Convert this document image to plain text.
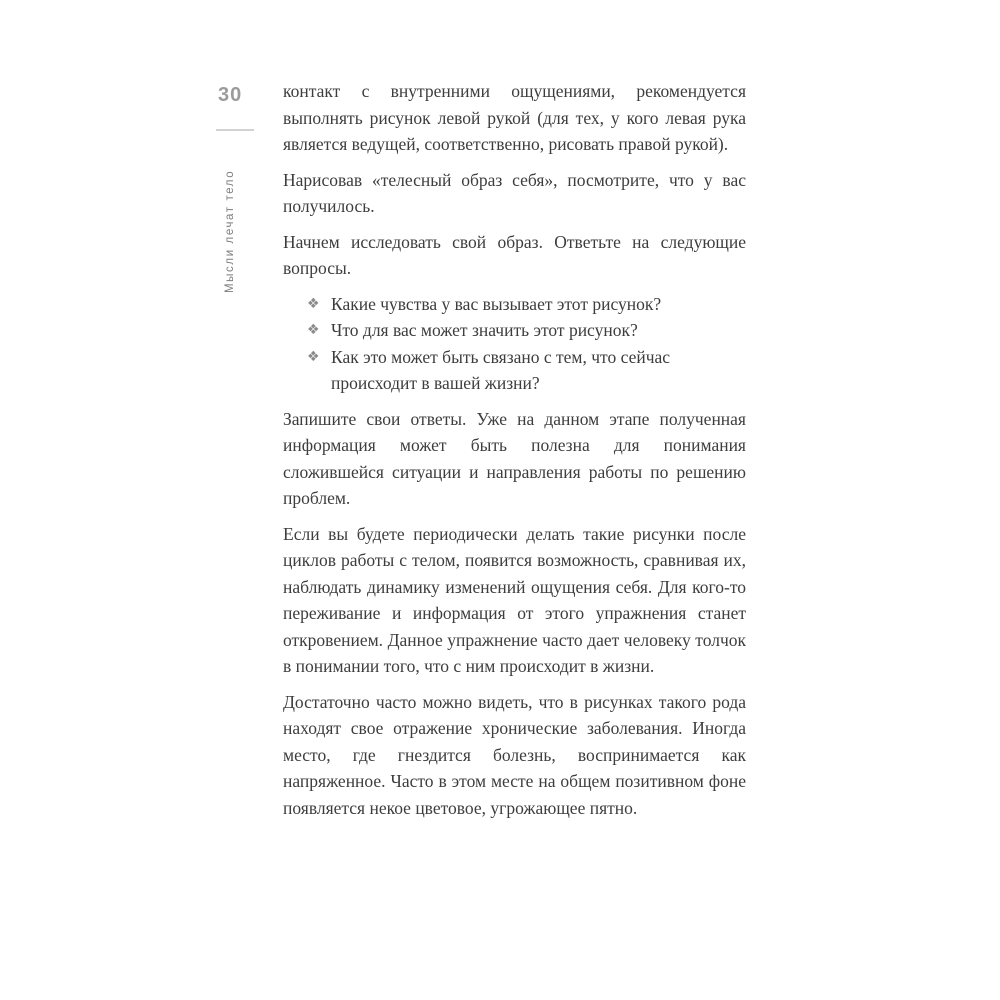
30
Мысли лечат тело

контакт с внутренними ощущениями, рекомендуется выполнять рисунок левой рукой (для тех, у кого левая рука является ведущей, соответственно, рисовать правой рукой).

Нарисовав «телесный образ себя», посмотрите, что у вас получилось.

Начнем исследовать свой образ. Ответьте на следующие вопросы.

❖ Какие чувства у вас вызывает этот рисунок?
❖ Что для вас может значить этот рисунок?
❖ Как это может быть связано с тем, что сейчас происходит в вашей жизни?

Запишите свои ответы. Уже на данном этапе полученная информация может быть полезна для понимания сложившейся ситуации и направления работы по решению проблем.

Если вы будете периодически делать такие рисунки после циклов работы с телом, появится возможность, сравнивая их, наблюдать динамику изменений ощущения себя. Для кого-то переживание и информация от этого упражнения станет откровением. Данное упражнение часто дает человеку толчок в понимании того, что с ним происходит в жизни.

Достаточно часто можно видеть, что в рисунках такого рода находят свое отражение хронические заболевания. Иногда место, где гнездится болезнь, воспринимается как напряженное. Часто в этом месте на общем позитивном фоне появляется некое цветовое, угрожающее пятно.
